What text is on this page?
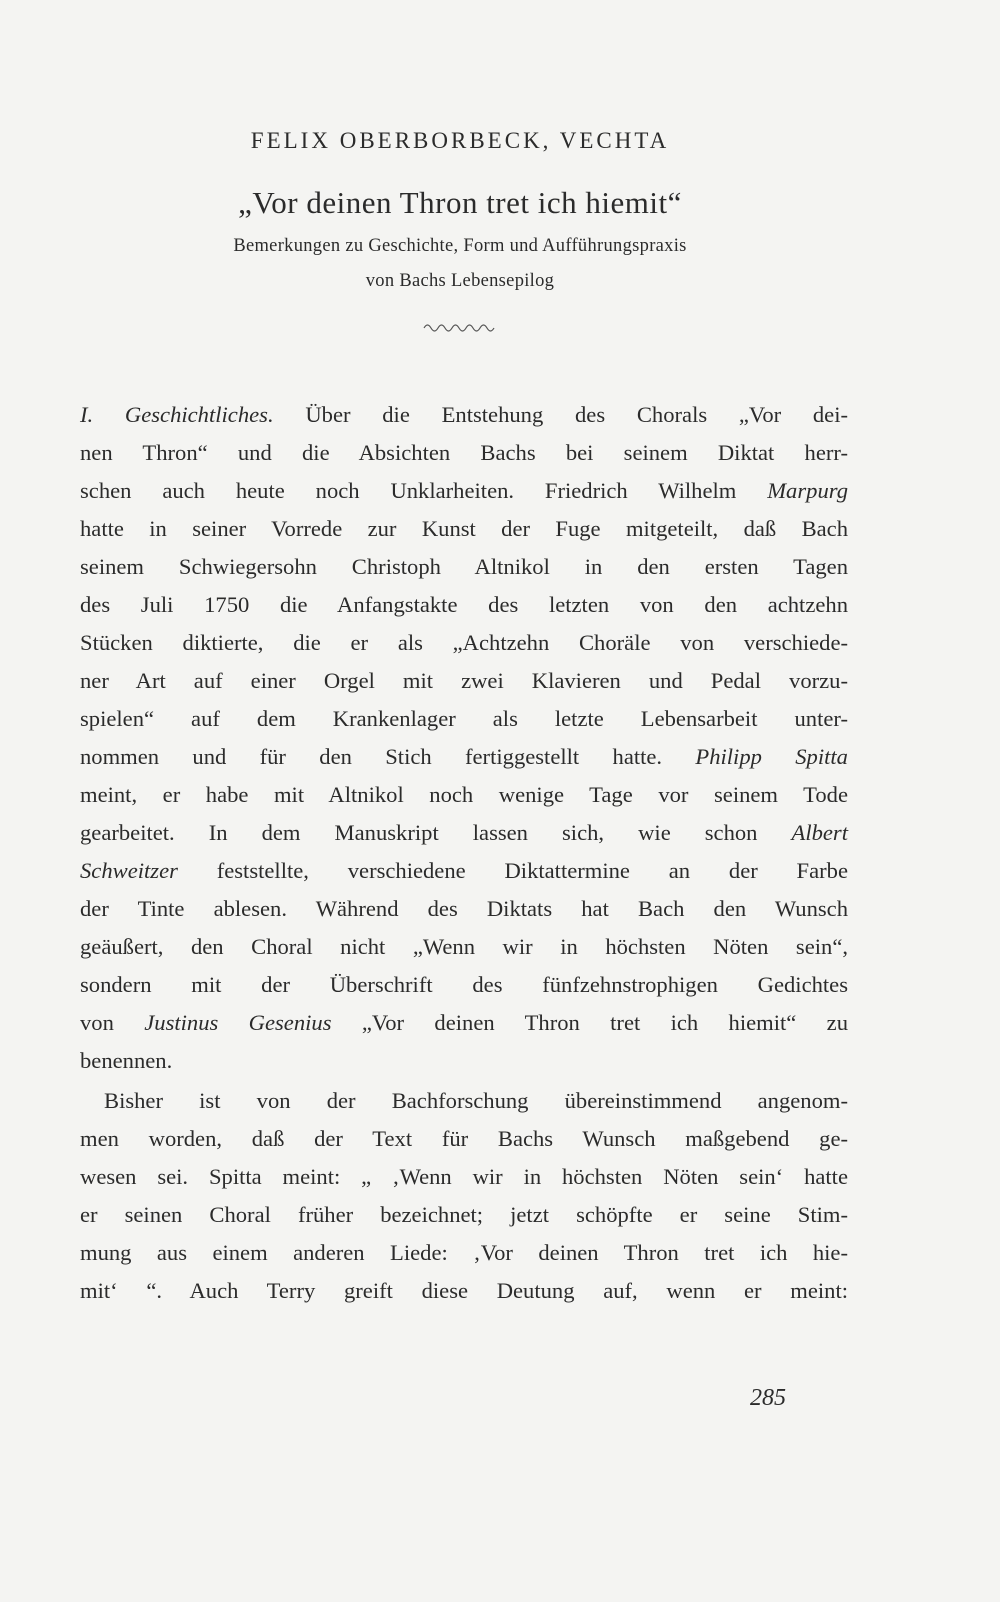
FELIX OBERBORBECK, VECHTA
„Vor deinen Thron tret ich hiemit“
Bemerkungen zu Geschichte, Form und Aufführungspraxis
von Bachs Lebensepilog
I. Geschichtliches. Über die Entstehung des Chorals „Vor dei-
nen Thron“ und die Absichten Bachs bei seinem Diktat herr-
schen auch heute noch Unklarheiten. Friedrich Wilhelm Marpurg
hatte in seiner Vorrede zur Kunst der Fuge mitgeteilt, daß Bach
seinem Schwiegersohn Christoph Altnikol in den ersten Tagen
des Juli 1750 die Anfangstakte des letzten von den achtzehn
Stücken diktierte, die er als „Achtzehn Choräle von verschiede-
ner Art auf einer Orgel mit zwei Klavieren und Pedal vorzu-
spielen“ auf dem Krankenlager als letzte Lebensarbeit unter-
nommen und für den Stich fertiggestellt hatte. Philipp Spitta
meint, er habe mit Altnikol noch wenige Tage vor seinem Tode
gearbeitet. In dem Manuskript lassen sich, wie schon Albert
Schweitzer feststellte, verschiedene Diktattermine an der Farbe
der Tinte ablesen. Während des Diktats hat Bach den Wunsch
geäußert, den Choral nicht „Wenn wir in höchsten Nöten sein“,
sondern mit der Überschrift des fünfzehnstrophigen Gedichtes
von Justinus Gesenius „Vor deinen Thron tret ich hiemit“ zu
benennen.
Bisher ist von der Bachforschung übereinstimmend angenom-
men worden, daß der Text für Bachs Wunsch maßgebend ge-
wesen sei. Spitta meint: „ ‚Wenn wir in höchsten Nöten sein‘ hatte
er seinen Choral früher bezeichnet; jetzt schöpfte er seine Stim-
mung aus einem anderen Liede: ‚Vor deinen Thron tret ich hie-
mit‘ “. Auch Terry greift diese Deutung auf, wenn er meint:
285
